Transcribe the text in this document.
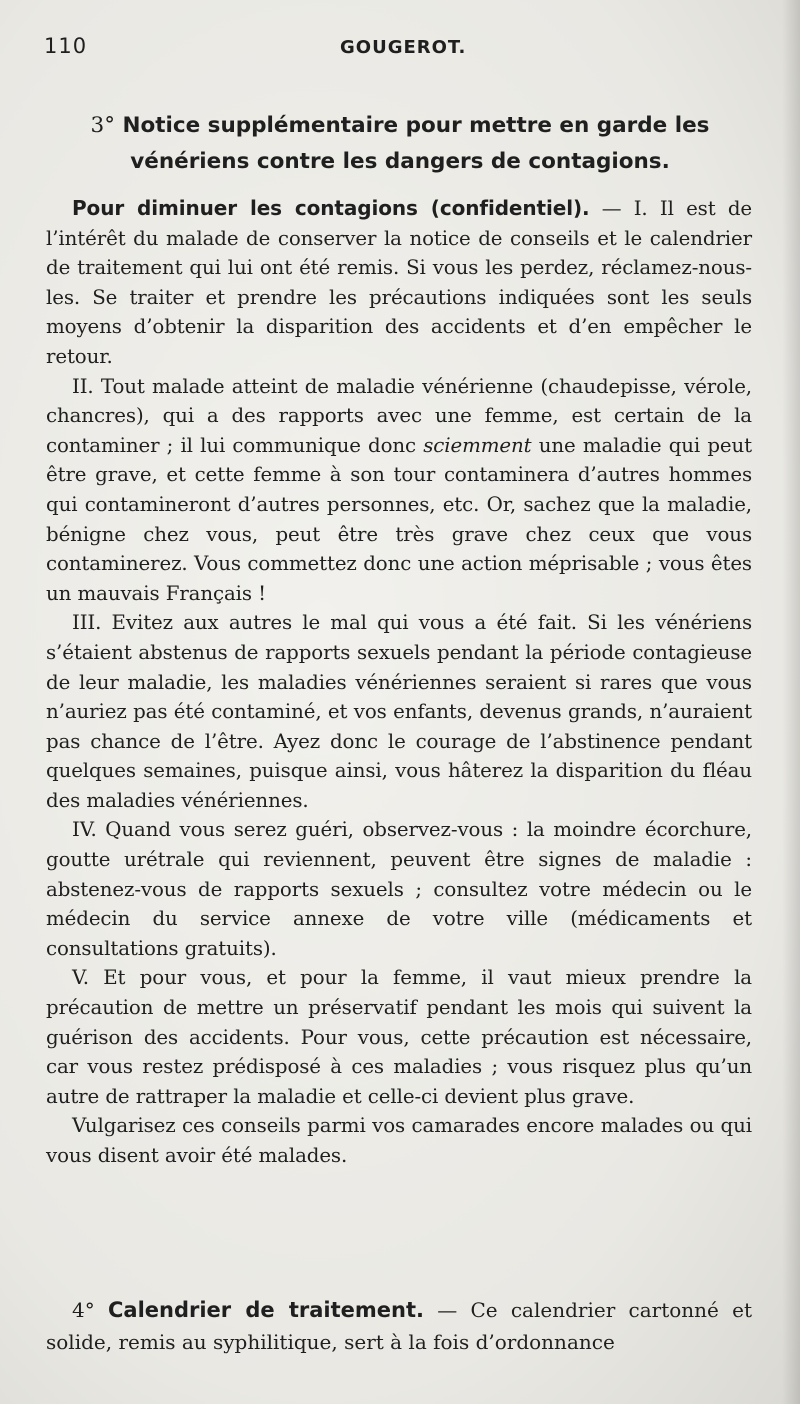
110	GOUGEROT.
3° Notice supplémentaire pour mettre en garde les vénériens contre les dangers de contagions.

Pour diminuer les contagions (confidentiel). — I. Il est de l’intérêt du malade de conserver la notice de conseils et le calendrier de traitement qui lui ont été remis. Si vous les perdez, réclamez-nous-les. Se traiter et prendre les précautions indiquées sont les seuls moyens d’obtenir la disparition des accidents et d’en empêcher le retour.

II. Tout malade atteint de maladie vénérienne (chaudepisse, vérole, chancres), qui a des rapports avec une femme, est certain de la contaminer ; il lui communique donc sciemment une maladie qui peut être grave, et cette femme à son tour contaminera d’autres hommes qui contamineront d’autres personnes, etc. Or, sachez que la maladie, bénigne chez vous, peut être très grave chez ceux que vous contaminerez. Vous commettez donc une action méprisable ; vous êtes un mauvais Français !

III. Evitez aux autres le mal qui vous a été fait. Si les vénériens s’étaient abstenus de rapports sexuels pendant la période contagieuse de leur maladie, les maladies vénériennes seraient si rares que vous n’auriez pas été contaminé, et vos enfants, devenus grands, n’auraient pas chance de l’être. Ayez donc le courage de l’abstinence pendant quelques semaines, puisque ainsi, vous hâterez la disparition du fléau des maladies vénériennes.

IV. Quand vous serez guéri, observez-vous : la moindre écorchure, goutte urétrale qui reviennent, peuvent être signes de maladie : abstenez-vous de rapports sexuels ; consultez votre médecin ou le médecin du service annexe de votre ville (médicaments et consultations gratuits).

V. Et pour vous, et pour la femme, il vaut mieux prendre la précaution de mettre un préservatif pendant les mois qui suivent la guérison des accidents. Pour vous, cette précaution est nécessaire, car vous restez prédisposé à ces maladies ; vous risquez plus qu’un autre de rattraper la maladie et celle-ci devient plus grave.

Vulgarisez ces conseils parmi vos camarades encore malades ou qui vous disent avoir été malades.

4° Calendrier de traitement. — Ce calendrier cartonné et solide, remis au syphilitique, sert à la fois d’ordonnance
